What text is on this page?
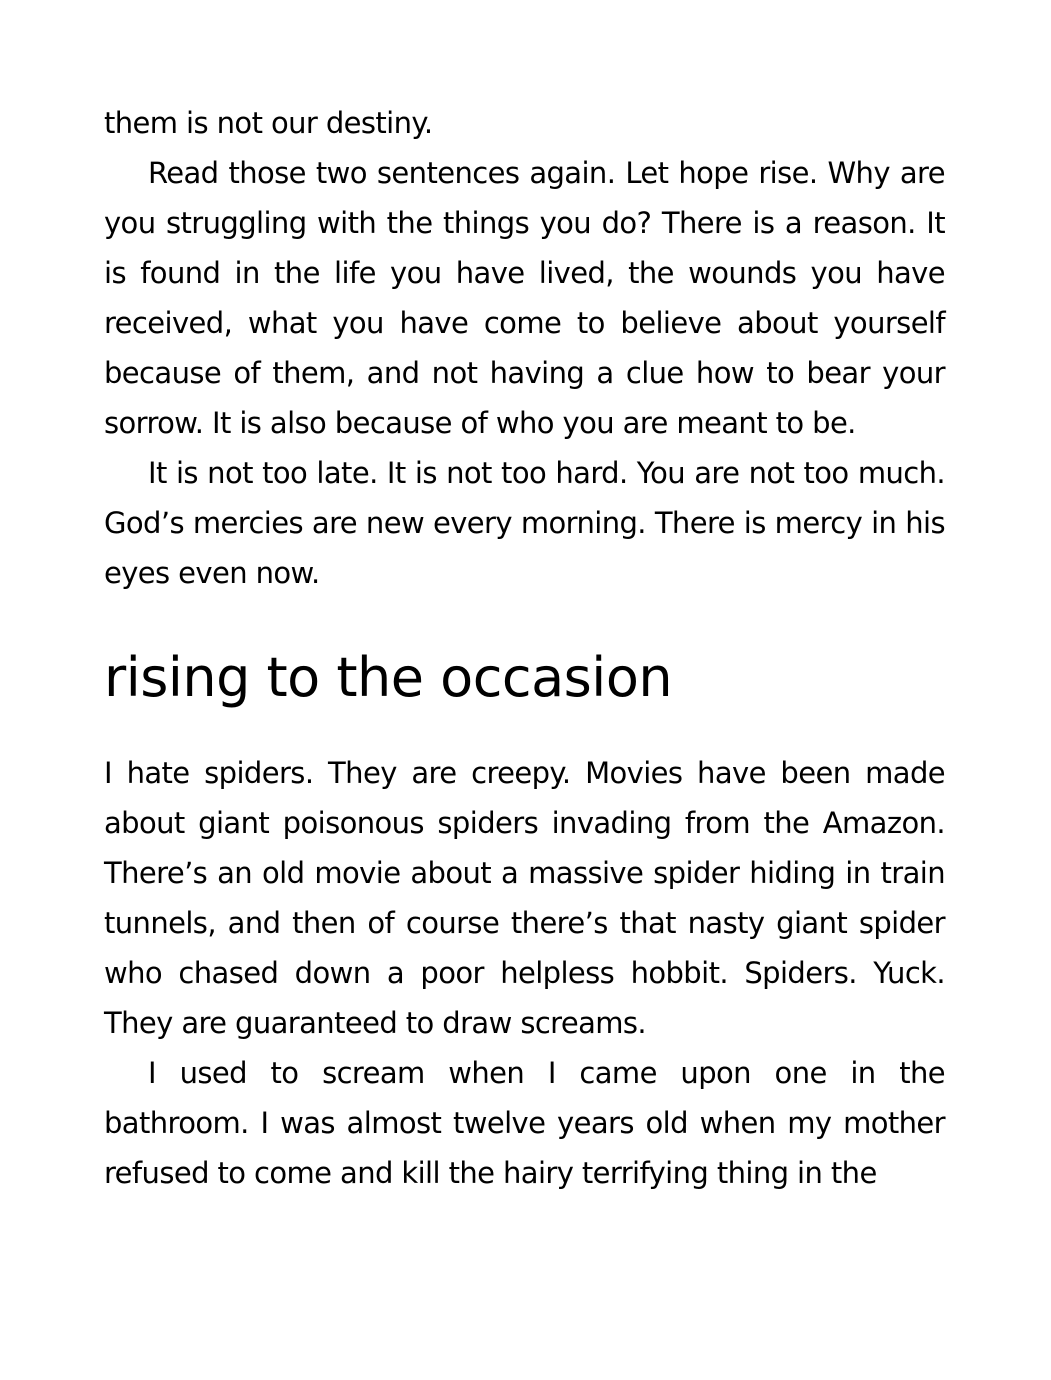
them is not our destiny.

Read those two sentences again. Let hope rise. Why are you struggling with the things you do? There is a reason. It is found in the life you have lived, the wounds you have received, what you have come to believe about yourself because of them, and not having a clue how to bear your sorrow. It is also because of who you are meant to be.

It is not too late. It is not too hard. You are not too much. God’s mercies are new every morning. There is mercy in his eyes even now.

rising to the occasion

I hate spiders. They are creepy. Movies have been made about giant poisonous spiders invading from the Amazon. There’s an old movie about a massive spider hiding in train tunnels, and then of course there’s that nasty giant spider who chased down a poor helpless hobbit. Spiders. Yuck. They are guaranteed to draw screams.

I used to scream when I came upon one in the bathroom. I was almost twelve years old when my mother refused to come and kill the hairy terrifying thing in the
